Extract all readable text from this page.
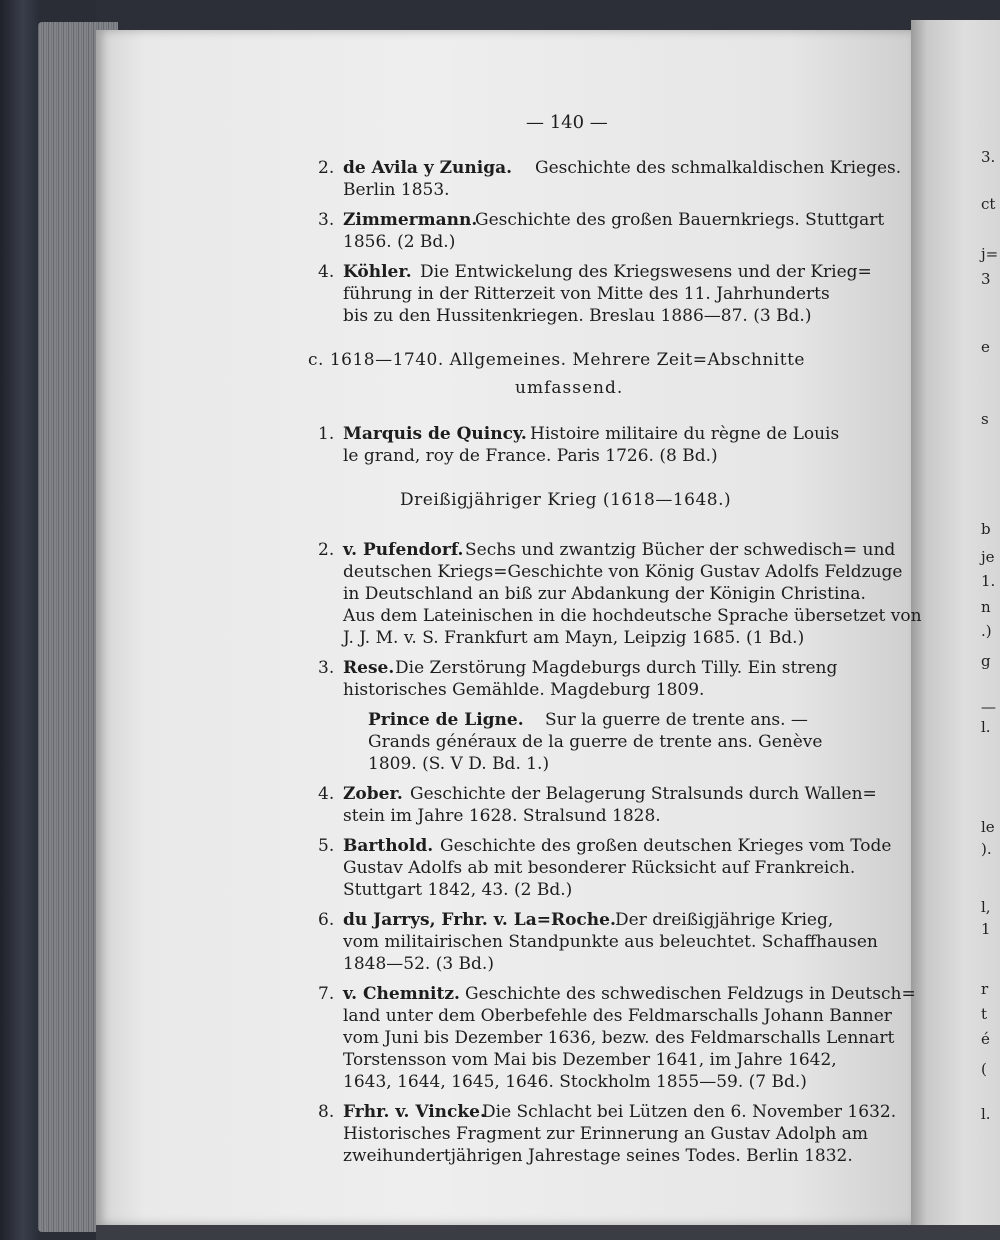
3.
ct
j=
3
e
s
b
je
1.
n
.)
g
—
l.
le
).
l,
1
r
t
é
(
l.
— 140 —
2. de Avila y Zuniga. Geschichte des schmalkaldischen Krieges.
Berlin 1853.
3. Zimmermann.
Geschichte des großen Bauernkriegs. Stuttgart
1856. (2 Bd.)
4. Köhler. Die Entwickelung des Kriegswesens und der Krieg=
führung in der Ritterzeit von Mitte des 11. Jahrhunderts
bis zu den Hussitenkriegen. Breslau 1886—87. (3 Bd.)
c. 1618—1740. Allgemeines. Mehrere Zeit=Abschnitte
umfassend.
1. Marquis de Quincy. Histoire militaire du règne de Louis
le grand, roy de France. Paris 1726. (8 Bd.)
Dreißigjähriger Krieg (1618—1648.)
2. v. Pufendorf. Sechs und zwantzig Bücher der schwedisch= und
deutschen Kriegs=Geschichte von König Gustav Adolfs Feldzuge
in Deutschland an biß zur Abdankung der Königin Christina.
Aus dem Lateinischen in die hochdeutsche Sprache übersetzet von
J. J. M. v. S. Frankfurt am Mayn, Leipzig 1685. (1 Bd.)
3. Rese. Die Zerstörung Magdeburgs durch Tilly. Ein streng
historisches Gemählde. Magdeburg 1809.
Prince de Ligne. Sur la guerre de trente ans. —
Grands généraux de la guerre de trente ans. Genève
1809. (S. V D. Bd. 1.)
4. Zober. Geschichte der Belagerung Stralsunds durch Wallen=
stein im Jahre 1628. Stralsund 1828.
5. Barthold. Geschichte des großen deutschen Krieges vom Tode
Gustav Adolfs ab mit besonderer Rücksicht auf Frankreich.
Stuttgart 1842, 43. (2 Bd.)
6. du Jarrys, Frhr. v. La=Roche. Der dreißigjährige Krieg,
vom militairischen Standpunkte aus beleuchtet. Schaffhausen
1848—52. (3 Bd.)
7. v. Chemnitz. Geschichte des schwedischen Feldzugs in Deutsch=
land unter dem Oberbefehle des Feldmarschalls Johann Banner
vom Juni bis Dezember 1636, bezw. des Feldmarschalls Lennart
Torstensson vom Mai bis Dezember 1641, im Jahre 1642,
1643, 1644, 1645, 1646. Stockholm 1855—59. (7 Bd.)
8. Frhr. v. Vincke.
Die Schlacht bei Lützen den 6. November 1632.
Historisches Fragment zur Erinnerung an Gustav Adolph am
zweihundertjährigen Jahrestage seines Todes. Berlin 1832.
